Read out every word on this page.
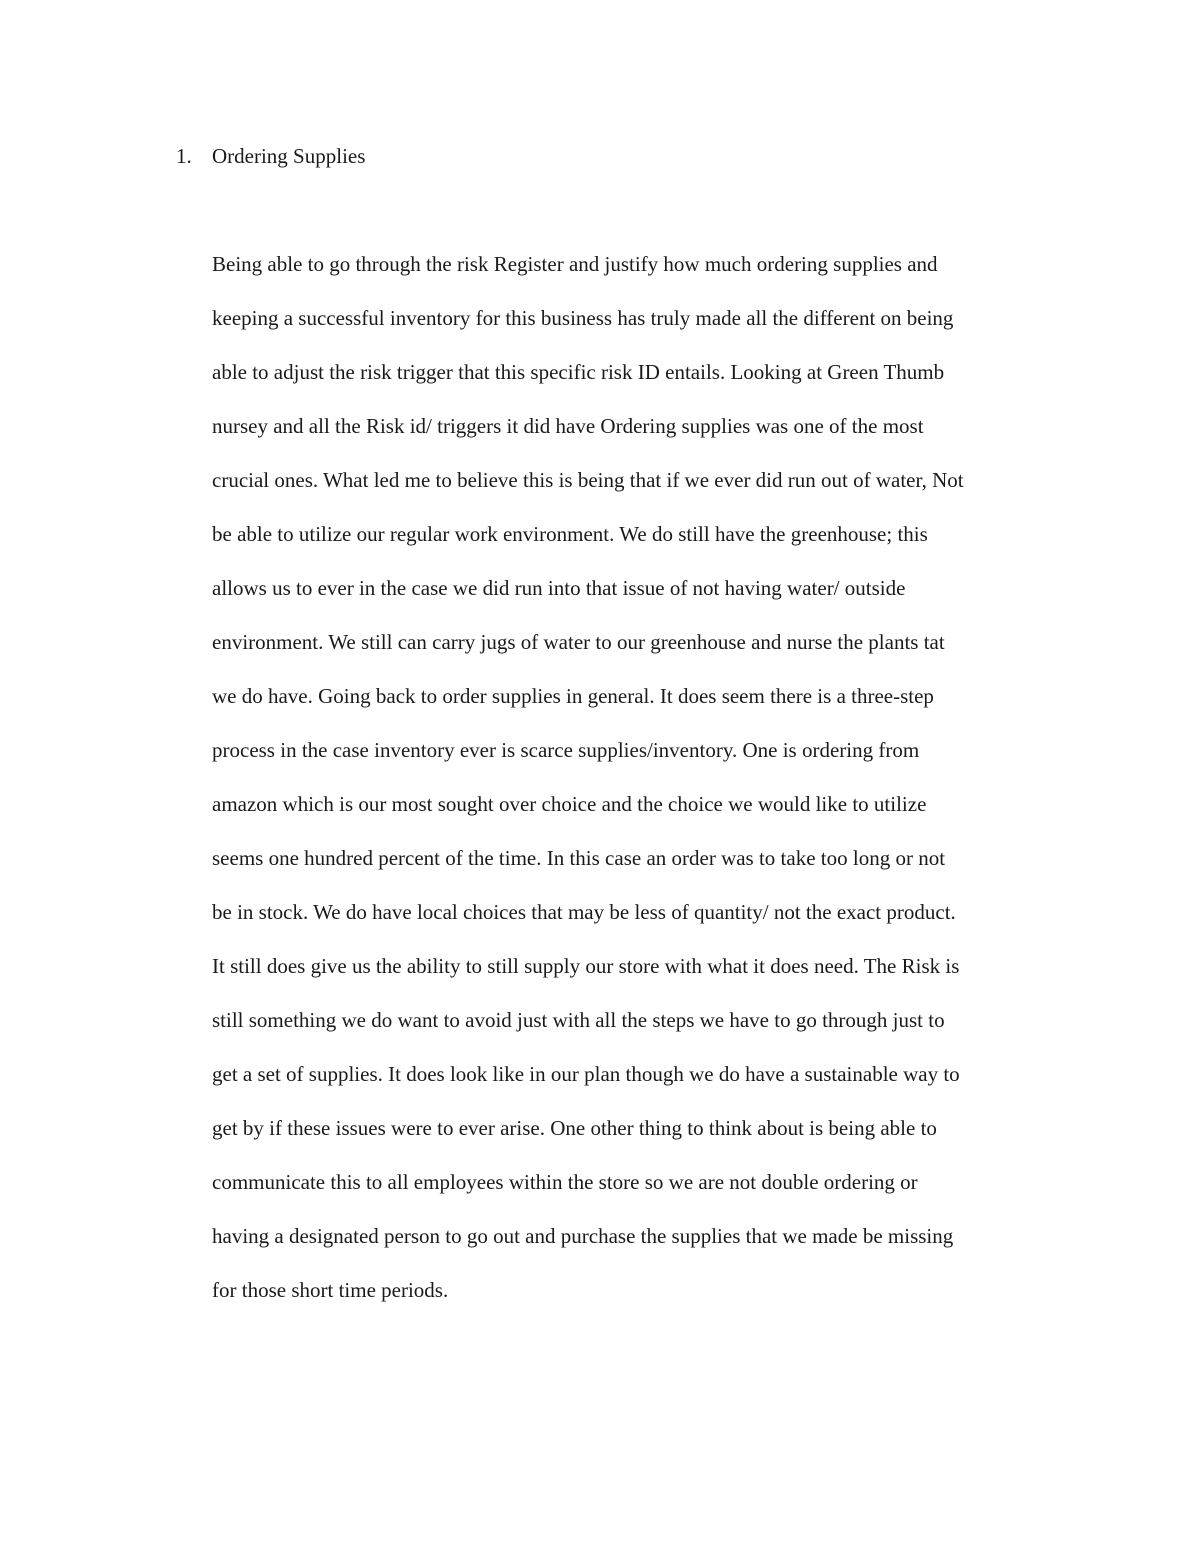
1. Ordering Supplies
Being able to go through the risk Register and justify how much ordering supplies and
keeping a successful inventory for this business has truly made all the different on being
able to adjust the risk trigger that this specific risk ID entails. Looking at Green Thumb
nursey and all the Risk id/ triggers it did have Ordering supplies was one of the most
crucial ones. What led me to believe this is being that if we ever did run out of water, Not
be able to utilize our regular work environment. We do still have the greenhouse; this
allows us to ever in the case we did run into that issue of not having water/ outside
environment. We still can carry jugs of water to our greenhouse and nurse the plants tat
we do have. Going back to order supplies in general. It does seem there is a three-step
process in the case inventory ever is scarce supplies/inventory. One is ordering from
amazon which is our most sought over choice and the choice we would like to utilize
seems one hundred percent of the time. In this case an order was to take too long or not
be in stock. We do have local choices that may be less of quantity/ not the exact product.
It still does give us the ability to still supply our store with what it does need. The Risk is
still something we do want to avoid just with all the steps we have to go through just to
get a set of supplies. It does look like in our plan though we do have a sustainable way to
get by if these issues were to ever arise. One other thing to think about is being able to
communicate this to all employees within the store so we are not double ordering or
having a designated person to go out and purchase the supplies that we made be missing
for those short time periods.
